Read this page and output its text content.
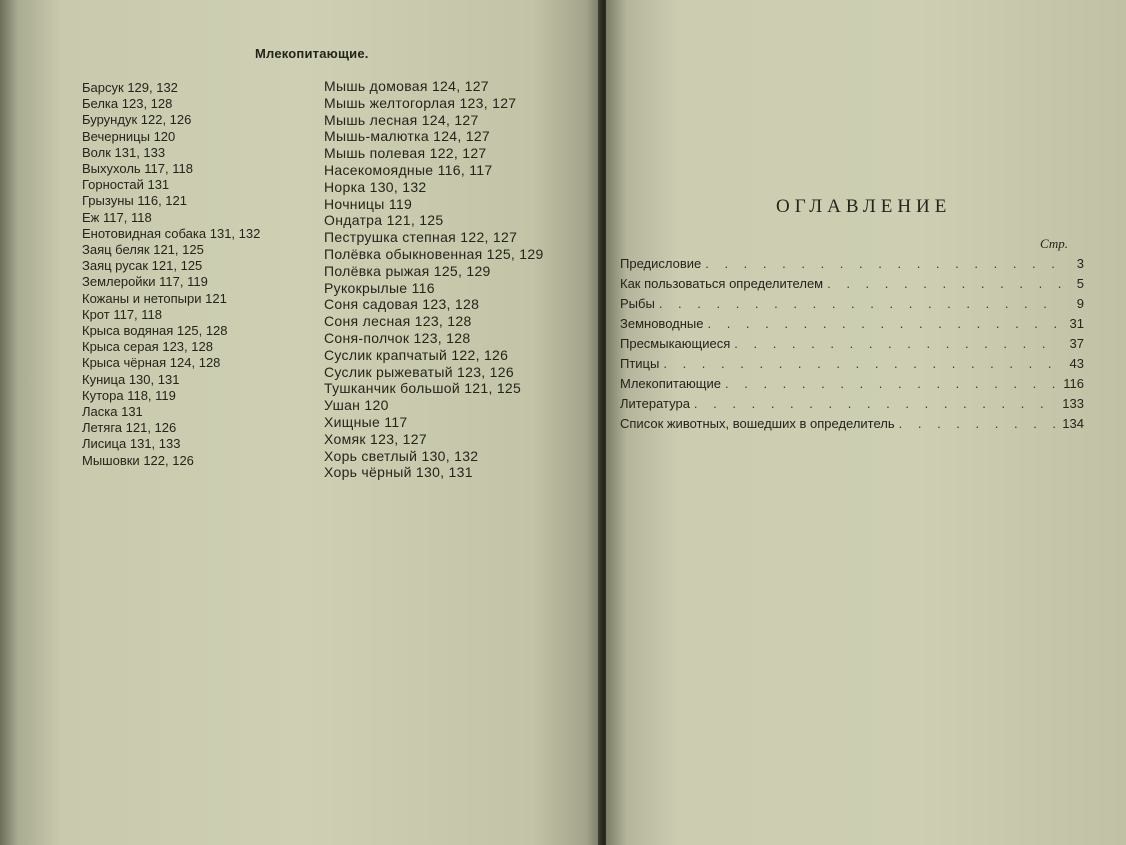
Млекопитающие.
Барсук 129, 132
Белка 123, 128
Бурундук 122, 126
Вечерницы 120
Волк 131, 133
Выхухоль 117, 118
Горностай 131
Грызуны 116, 121
Еж 117, 118
Енотовидная собака 131, 132
Заяц беляк 121, 125
Заяц русак 121, 125
Землеройки 117, 119
Кожаны и нетопыри 121
Крот 117, 118
Крыса водяная 125, 128
Крыса серая 123, 128
Крыса чёрная 124, 128
Куница 130, 131
Кутора 118, 119
Ласка 131
Летяга 121, 126
Лисица 131, 133
Мышовки 122, 126
Мышь домовая 124, 127
Мышь желтогорлая 123, 127
Мышь лесная 124, 127
Мышь-малютка 124, 127
Мышь полевая 122, 127
Насекомоядные 116, 117
Норка 130, 132
Ночницы 119
Ондатра 121, 125
Пеструшка степная 122, 127
Полёвка обыкновенная 125, 129
Полёвка рыжая 125, 129
Рукокрылые 116
Соня садовая 123, 128
Соня лесная 123, 128
Соня-полчок 123, 128
Суслик крапчатый 122, 126
Суслик рыжеватый 123, 126
Тушканчик большой 121, 125
Ушан 120
Хищные 117
Хомяк 123, 127
Хорь светлый 130, 132
Хорь чёрный 130, 131
ОГЛАВЛЕНИЕ
Стр.
Предисловие . . .	3
Как пользоваться определителем . . .	5
Рыбы . . .	9
Земноводные . . .	31
Пресмыкающиеся . . .	37
Птицы . . .	43
Млекопитающие . . .	116
Литература . . .	133
Список животных, вошедших в определитель . . .	134
